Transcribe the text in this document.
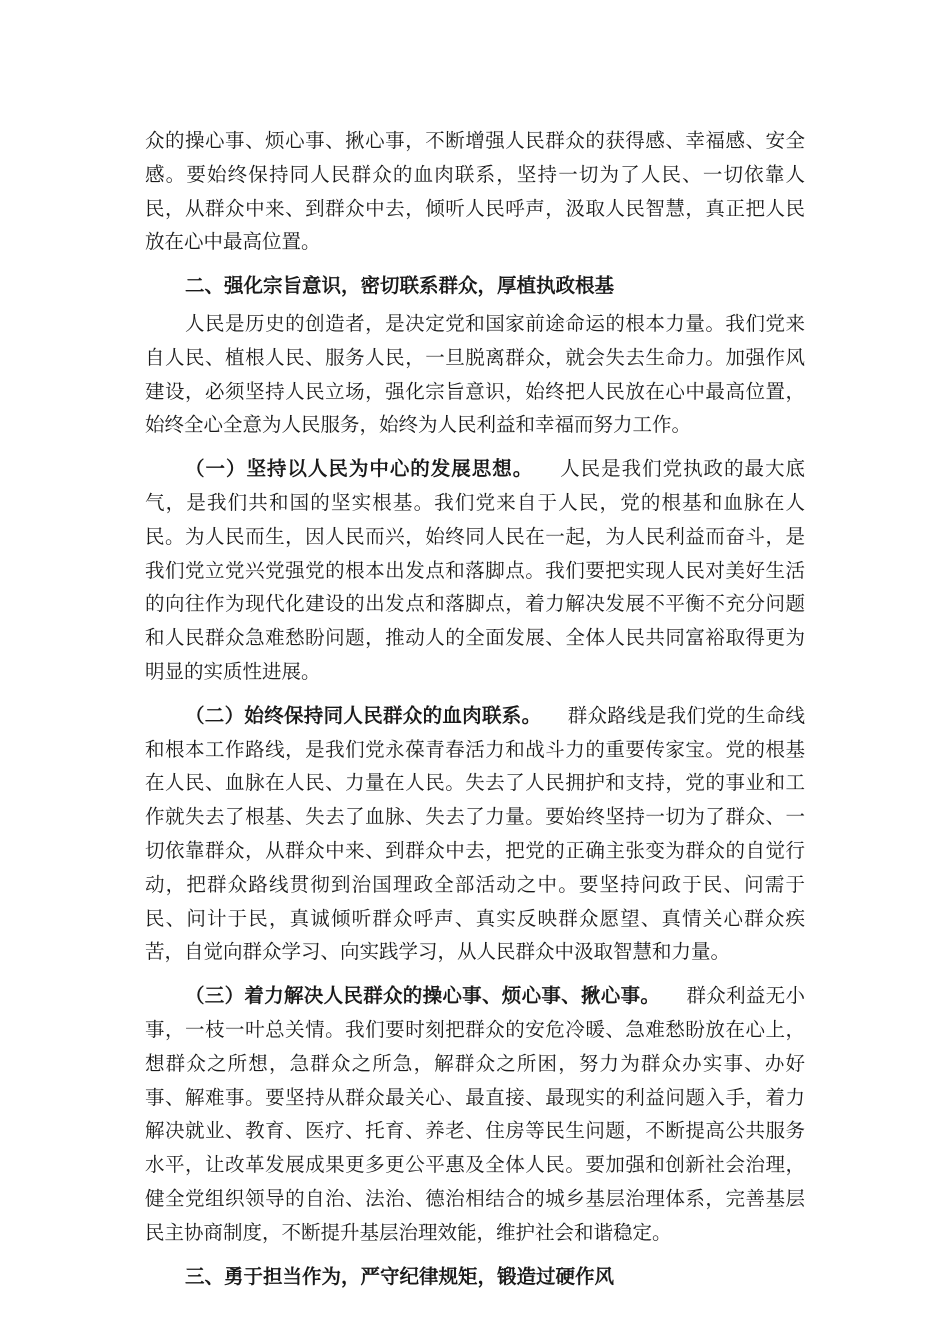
众的操心事、烦心事、揪心事，不断增强人民群众的获得感、幸福感、安全感。要始终保持同人民群众的血肉联系，坚持一切为了人民、一切依靠人民，从群众中来、到群众中去，倾听人民呼声，汲取人民智慧，真正把人民放在心中最高位置。

二、强化宗旨意识，密切联系群众，厚植执政根基

人民是历史的创造者，是决定党和国家前途命运的根本力量。我们党来自人民、植根人民、服务人民，一旦脱离群众，就会失去生命力。加强作风建设，必须坚持人民立场，强化宗旨意识，始终把人民放在心中最高位置，始终全心全意为人民服务，始终为人民利益和幸福而努力工作。

（一）坚持以人民为中心的发展思想。 人民是我们党执政的最大底气，是我们共和国的坚实根基。我们党来自于人民，党的根基和血脉在人民。为人民而生，因人民而兴，始终同人民在一起，为人民利益而奋斗，是我们党立党兴党强党的根本出发点和落脚点。我们要把实现人民对美好生活的向往作为现代化建设的出发点和落脚点，着力解决发展不平衡不充分问题和人民群众急难愁盼问题，推动人的全面发展、全体人民共同富裕取得更为明显的实质性进展。

（二）始终保持同人民群众的血肉联系。 群众路线是我们党的生命线和根本工作路线，是我们党永葆青春活力和战斗力的重要传家宝。党的根基在人民、血脉在人民、力量在人民。失去了人民拥护和支持，党的事业和工作就失去了根基、失去了血脉、失去了力量。要始终坚持一切为了群众、一切依靠群众，从群众中来、到群众中去，把党的正确主张变为群众的自觉行动，把群众路线贯彻到治国理政全部活动之中。要坚持问政于民、问需于民、问计于民，真诚倾听群众呼声、真实反映群众愿望、真情关心群众疾苦，自觉向群众学习、向实践学习，从人民群众中汲取智慧和力量。

（三）着力解决人民群众的操心事、烦心事、揪心事。 群众利益无小事，一枝一叶总关情。我们要时刻把群众的安危冷暖、急难愁盼放在心上，想群众之所想，急群众之所急，解群众之所困，努力为群众办实事、办好事、解难事。要坚持从群众最关心、最直接、最现实的利益问题入手，着力解决就业、教育、医疗、托育、养老、住房等民生问题，不断提高公共服务水平，让改革发展成果更多更公平惠及全体人民。要加强和创新社会治理，健全党组织领导的自治、法治、德治相结合的城乡基层治理体系，完善基层民主协商制度，不断提升基层治理效能，维护社会和谐稳定。

三、勇于担当作为，严守纪律规矩，锻造过硬作风
